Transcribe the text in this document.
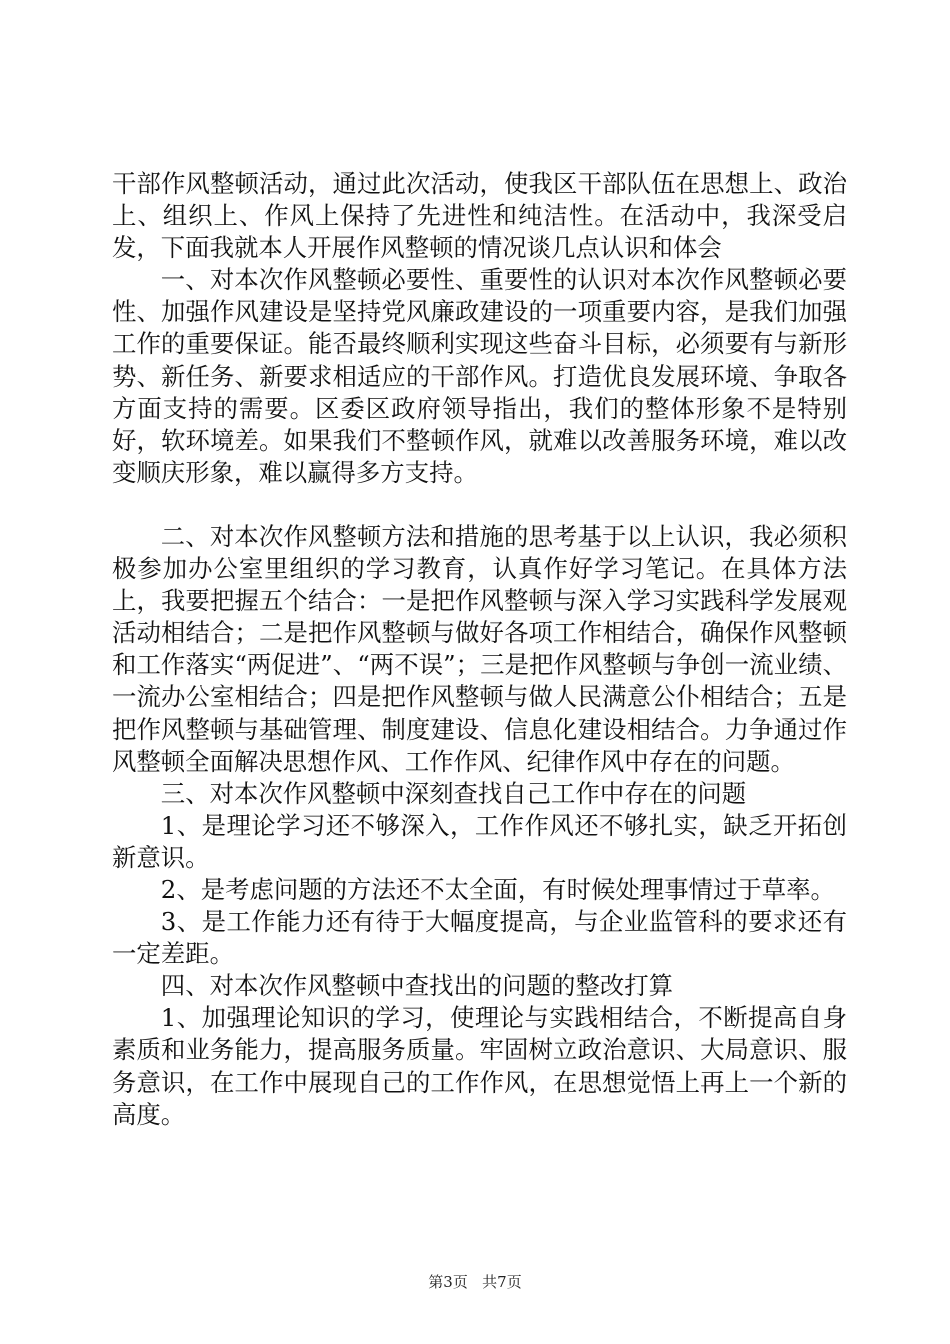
干部作风整顿活动，通过此次活动，使我区干部队伍在思想上、政治上、组织上、作风上保持了先进性和纯洁性。在活动中，我深受启发，下面我就本人开展作风整顿的情况谈几点认识和体会

一、对本次作风整顿必要性、重要性的认识对本次作风整顿必要性、加强作风建设是坚持党风廉政建设的一项重要内容，是我们加强工作的重要保证。能否最终顺利实现这些奋斗目标，必须要有与新形势、新任务、新要求相适应的干部作风。打造优良发展环境、争取各方面支持的需要。区委区政府领导指出，我们的整体形象不是特别好，软环境差。如果我们不整顿作风，就难以改善服务环境，难以改变顺庆形象，难以赢得多方支持。

二、对本次作风整顿方法和措施的思考基于以上认识，我必须积极参加办公室里组织的学习教育，认真作好学习笔记。在具体方法上，我要把握五个结合：一是把作风整顿与深入学习实践科学发展观活动相结合；二是把作风整顿与做好各项工作相结合，确保作风整顿和工作落实“两促进”、“两不误”；三是把作风整顿与争创一流业绩、一流办公室相结合；四是把作风整顿与做人民满意公仆相结合；五是把作风整顿与基础管理、制度建设、信息化建设相结合。力争通过作风整顿全面解决思想作风、工作作风、纪律作风中存在的问题。

三、对本次作风整顿中深刻查找自己工作中存在的问题

1、是理论学习还不够深入，工作作风还不够扎实，缺乏开拓创新意识。

2、是考虑问题的方法还不太全面，有时候处理事情过于草率。

3、是工作能力还有待于大幅度提高，与企业监管科的要求还有一定差距。

四、对本次作风整顿中查找出的问题的整改打算

1、加强理论知识的学习，使理论与实践相结合，不断提高自身素质和业务能力，提高服务质量。牢固树立政治意识、大局意识、服务意识，在工作中展现自己的工作作风，在思想觉悟上再上一个新的高度。

第3页 共7页
